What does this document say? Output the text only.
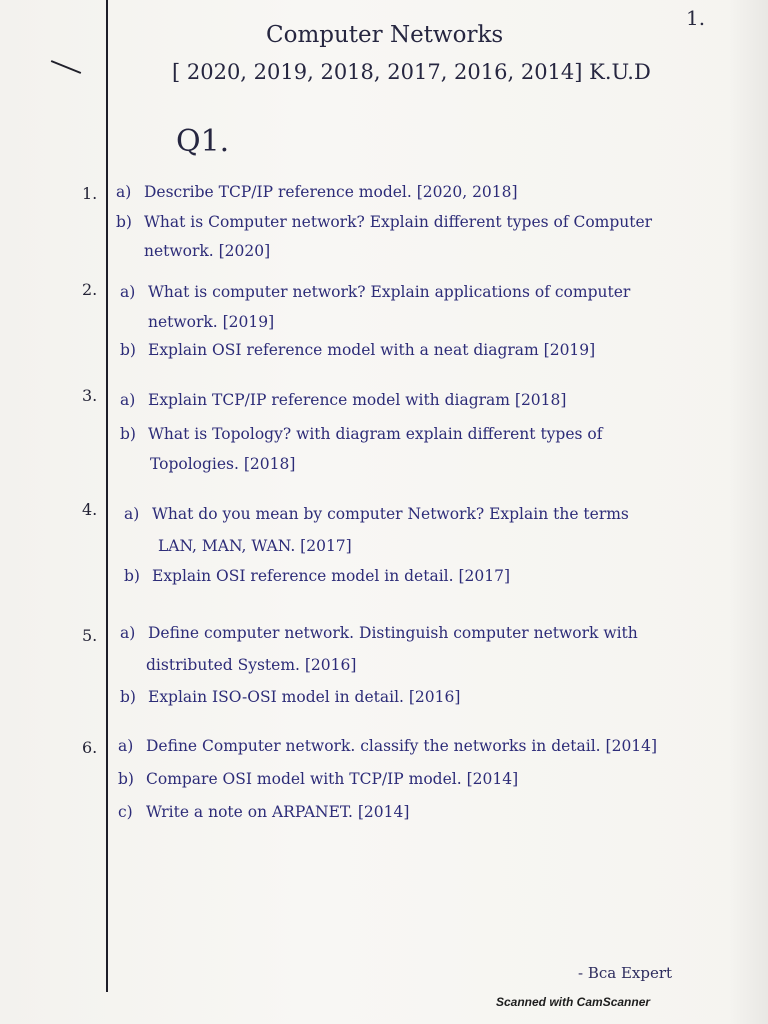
1.
Computer Networks
[ 2020, 2019, 2018, 2017, 2016, 2014] K.U.D
Q1.
1. a) Describe TCP/IP reference model. [2020, 2018]
b) What is Computer network? Explain different types of Computer
network. [2020]
2. a) What is computer network? Explain applications of computer
network. [2019]
b) Explain OSI reference model with a neat diagram [2019]
3. a) Explain TCP/IP reference model with diagram [2018]
b) What is Topology? with diagram explain different types of
Topologies. [2018]
4. a) What do you mean by computer Network? Explain the terms
LAN, MAN, WAN. [2017]
b) Explain OSI reference model in detail. [2017]
5. a) Define computer network. Distinguish computer network with
distributed System. [2016]
b) Explain ISO-OSI model in detail. [2016]
6. a) Define Computer network. classify the networks in detail. [2014]
b) Compare OSI model with TCP/IP model. [2014]
c) Write a note on ARPANET. [2014]
- Bca Expert
Scanned with CamScanner
